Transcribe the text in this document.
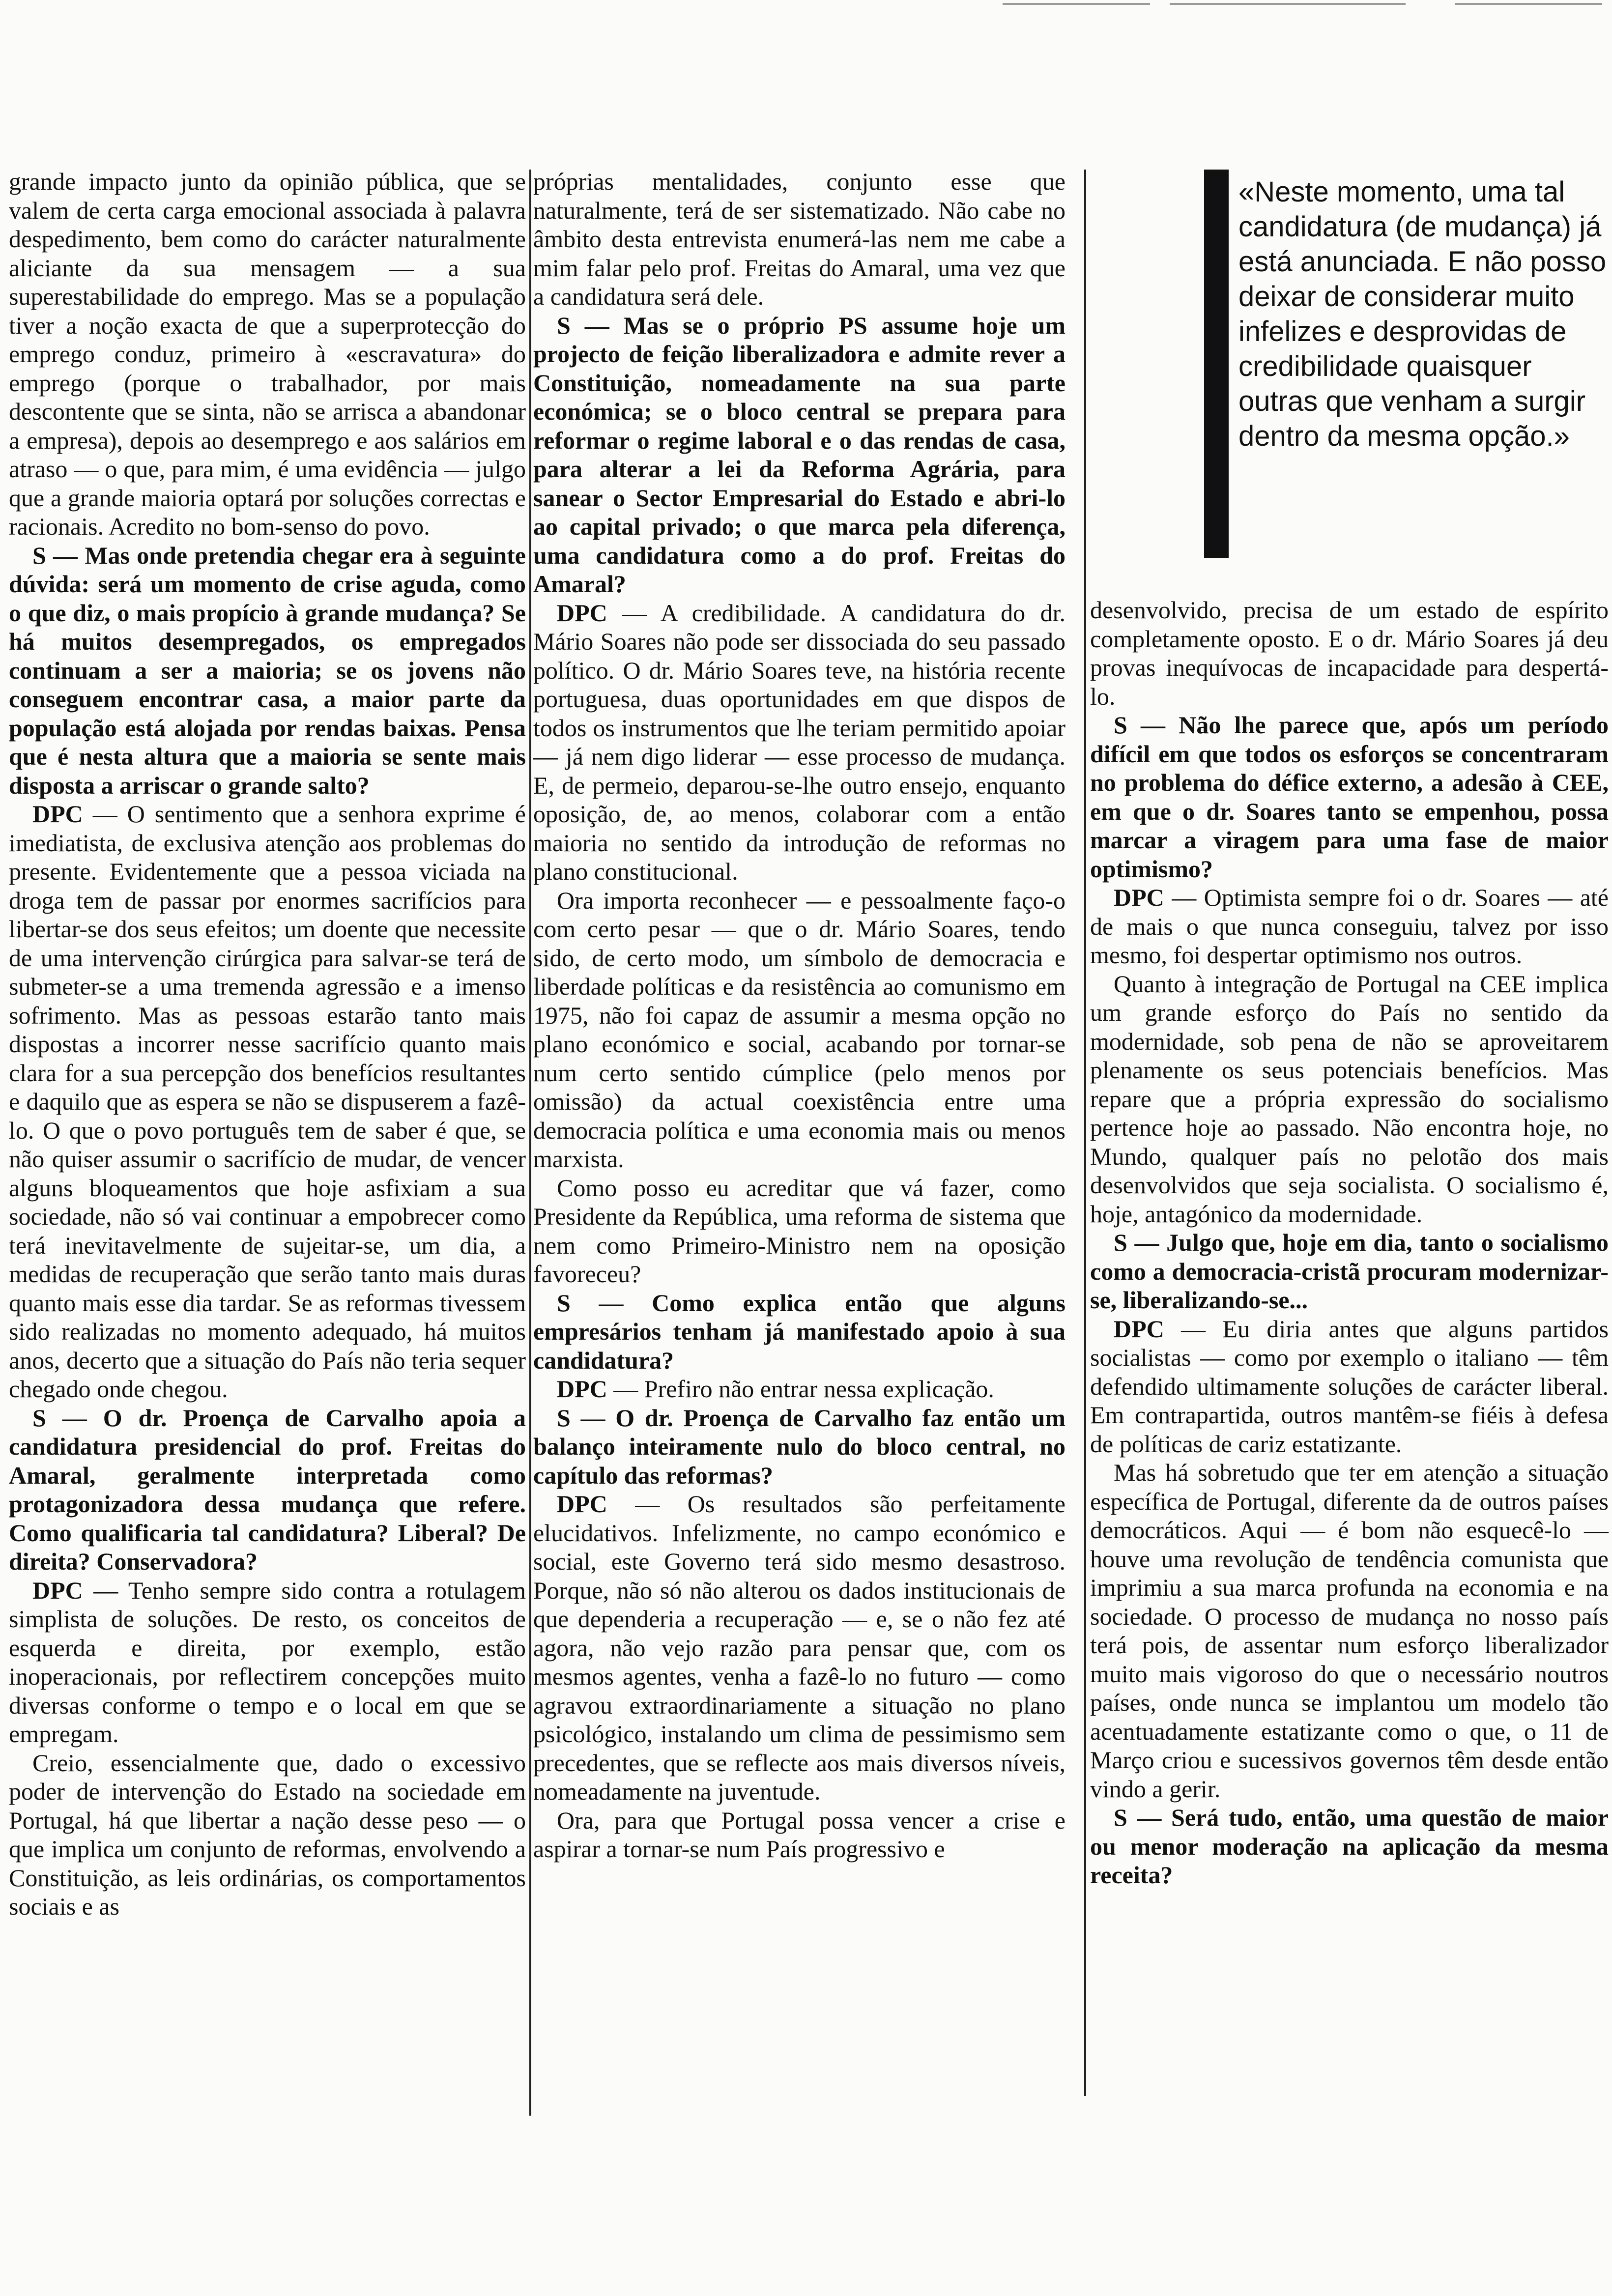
«Neste momento, uma tal candidatura (de mudança) já está anunciada. E não posso deixar de considerar muito infelizes e desprovidas de credibilidade quaisquer outras que venham a surgir dentro da mesma opção.»

grande impacto junto da opinião pública, que se valem de certa carga emocional associada à palavra despedimento, bem como do carácter naturalmente aliciante da sua mensagem — a sua superestabilidade do emprego. Mas se a população tiver a noção exacta de que a superprotecção do emprego conduz, primeiro à «escravatura» do emprego (porque o trabalhador, por mais descontente que se sinta, não se arrisca a abandonar a empresa), depois ao desemprego e aos salários em atraso — o que, para mim, é uma evidência — julgo que a grande maioria optará por soluções correctas e racionais. Acredito no bom-senso do povo.

S — Mas onde pretendia chegar era à seguinte dúvida: será um momento de crise aguda, como o que diz, o mais propício à grande mudança? Se há muitos desempregados, os empregados continuam a ser a maioria; se os jovens não conseguem encontrar casa, a maior parte da população está alojada por rendas baixas. Pensa que é nesta altura que a maioria se sente mais disposta a arriscar o grande salto?

DPC — O sentimento que a senhora exprime é imediatista, de exclusiva atenção aos problemas do presente. Evidentemente que a pessoa viciada na droga tem de passar por enormes sacrifícios para libertar-se dos seus efeitos; um doente que necessite de uma intervenção cirúrgica para salvar-se terá de submeter-se a uma tremenda agressão e a imenso sofrimento. Mas as pessoas estarão tanto mais dispostas a incorrer nesse sacrifício quanto mais clara for a sua percepção dos benefícios resultantes e daquilo que as espera se não se dispuserem a fazê-lo. O que o povo português tem de saber é que, se não quiser assumir o sacrifício de mudar, de vencer alguns bloqueamentos que hoje asfixiam a sua sociedade, não só vai continuar a empobrecer como terá inevitavelmente de sujeitar-se, um dia, a medidas de recuperação que serão tanto mais duras quanto mais esse dia tardar. Se as reformas tivessem sido realizadas no momento adequado, há muitos anos, decerto que a situação do País não teria sequer chegado onde chegou.

S — O dr. Proença de Carvalho apoia a candidatura presidencial do prof. Freitas do Amaral, geralmente interpretada como protagonizadora dessa mudança que refere. Como qualificaria tal candidatura? Liberal? De direita? Conservadora?

DPC — Tenho sempre sido contra a rotulagem simplista de soluções. De resto, os conceitos de esquerda e direita, por exemplo, estão inoperacionais, por reflectirem concepções muito diversas conforme o tempo e o local em que se empregam.

Creio, essencialmente que, dado o excessivo poder de intervenção do Estado na sociedade em Portugal, há que libertar a nação desse peso — o que implica um conjunto de reformas, envolvendo a Constituição, as leis ordinárias, os comportamentos sociais e as

próprias mentalidades, conjunto esse que naturalmente, terá de ser sistematizado. Não cabe no âmbito desta entrevista enumerá-las nem me cabe a mim falar pelo prof. Freitas do Amaral, uma vez que a candidatura será dele.

S — Mas se o próprio PS assume hoje um projecto de feição liberalizadora e admite rever a Constituição, nomeadamente na sua parte económica; se o bloco central se prepara para reformar o regime laboral e o das rendas de casa, para alterar a lei da Reforma Agrária, para sanear o Sector Empresarial do Estado e abri-lo ao capital privado; o que marca pela diferença, uma candidatura como a do prof. Freitas do Amaral?

DPC — A credibilidade. A candidatura do dr. Mário Soares não pode ser dissociada do seu passado político. O dr. Mário Soares teve, na história recente portuguesa, duas oportunidades em que dispos de todos os instrumentos que lhe teriam permitido apoiar — já nem digo liderar — esse processo de mudança. E, de permeio, deparou-se-lhe outro ensejo, enquanto oposição, de, ao menos, colaborar com a então maioria no sentido da introdução de reformas no plano constitucional.

Ora importa reconhecer — e pessoalmente faço-o com certo pesar — que o dr. Mário Soares, tendo sido, de certo modo, um símbolo de democracia e liberdade políticas e da resistência ao comunismo em 1975, não foi capaz de assumir a mesma opção no plano económico e social, acabando por tornar-se num certo sentido cúmplice (pelo menos por omissão) da actual coexistência entre uma democracia política e uma economia mais ou menos marxista.

Como posso eu acreditar que vá fazer, como Presidente da República, uma reforma de sistema que nem como Primeiro-Ministro nem na oposição favoreceu?

S — Como explica então que alguns empresários tenham já manifestado apoio à sua candidatura?

DPC — Prefiro não entrar nessa explicação.

S — O dr. Proença de Carvalho faz então um balanço inteiramente nulo do bloco central, no capítulo das reformas?

DPC — Os resultados são perfeitamente elucidativos. Infelizmente, no campo económico e social, este Governo terá sido mesmo desastroso. Porque, não só não alterou os dados institucionais de que dependeria a recuperação — e, se o não fez até agora, não vejo razão para pensar que, com os mesmos agentes, venha a fazê-lo no futuro — como agravou extraordinariamente a situação no plano psicológico, instalando um clima de pessimismo sem precedentes, que se reflecte aos mais diversos níveis, nomeadamente na juventude.

Ora, para que Portugal possa vencer a crise e aspirar a tornar-se num País progressivo e

desenvolvido, precisa de um estado de espírito completamente oposto. E o dr. Mário Soares já deu provas inequívocas de incapacidade para despertá-lo.

S — Não lhe parece que, após um período difícil em que todos os esforços se concentraram no problema do défice externo, a adesão à CEE, em que o dr. Soares tanto se empenhou, possa marcar a viragem para uma fase de maior optimismo?

DPC — Optimista sempre foi o dr. Soares — até de mais o que nunca conseguiu, talvez por isso mesmo, foi despertar optimismo nos outros.

Quanto à integração de Portugal na CEE implica um grande esforço do País no sentido da modernidade, sob pena de não se aproveitarem plenamente os seus potenciais benefícios. Mas repare que a própria expressão do socialismo pertence hoje ao passado. Não encontra hoje, no Mundo, qualquer país no pelotão dos mais desenvolvidos que seja socialista. O socialismo é, hoje, antagónico da modernidade.

S — Julgo que, hoje em dia, tanto o socialismo como a democracia-cristã procuram modernizar-se, liberalizando-se...

DPC — Eu diria antes que alguns partidos socialistas — como por exemplo o italiano — têm defendido ultimamente soluções de carácter liberal. Em contrapartida, outros mantêm-se fiéis à defesa de políticas de cariz estatizante.

Mas há sobretudo que ter em atenção a situação específica de Portugal, diferente da de outros países democráticos. Aqui — é bom não esquecê-lo — houve uma revolução de tendência comunista que imprimiu a sua marca profunda na economia e na sociedade. O processo de mudança no nosso país terá pois, de assentar num esforço liberalizador muito mais vigoroso do que o necessário noutros países, onde nunca se implantou um modelo tão acentuadamente estatizante como o que, o 11 de Março criou e sucessivos governos têm desde então vindo a gerir.

S — Será tudo, então, uma questão de maior ou menor moderação na aplicação da mesma receita?
